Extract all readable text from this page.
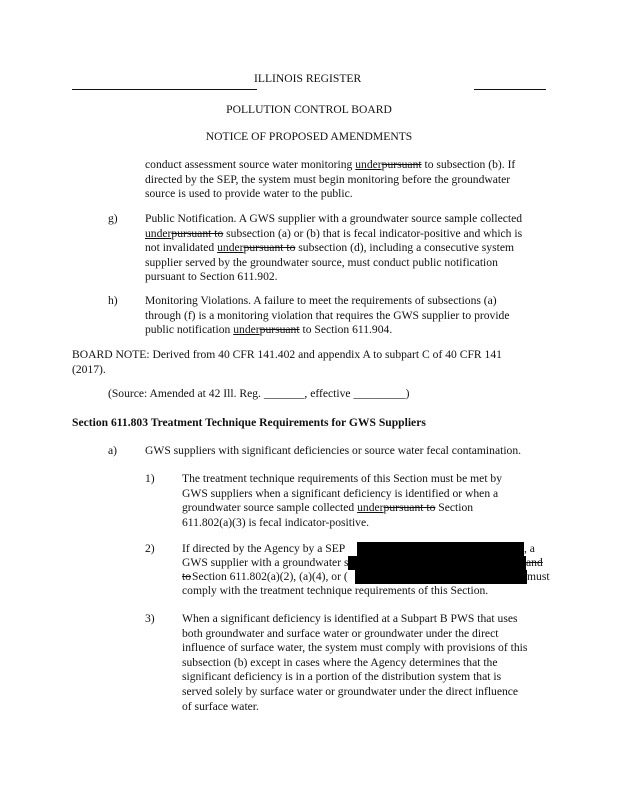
ILLINOIS REGISTER
POLLUTION CONTROL BOARD
NOTICE OF PROPOSED AMENDMENTS

conduct assessment source water monitoring underpursuant to subsection (b). If

directed by the SEP, the system must begin monitoring before the groundwater

source is used to provide water to the public.

g) Public Notification. A GWS supplier with a groundwater source sample collected

underpursuant to subsection (a) or (b) that is fecal indicator-positive and which is

not invalidated underpursuant to subsection (d), including a consecutive system

supplier served by the groundwater source, must conduct public notification

pursuant to Section 611.902.

h) Monitoring Violations. A failure to meet the requirements of subsections (a)

through (f) is a monitoring violation that requires the GWS supplier to provide

public notification underpursuant to Section 611.904.

BOARD NOTE: Derived from 40 CFR 141.402 and appendix A to subpart C of 40 CFR 141

(2017).

(Source: Amended at 42 Ill. Reg. _______, effective _________)
Section 611.803 Treatment Technique Requirements for GWS Suppliers
a) GWS suppliers with significant deficiencies or source water fecal contamination.
1) The treatment technique requirements of this Section must be met by

GWS suppliers when a significant deficiency is identified or when a

groundwater source sample collected underpursuant to Section

611.802(a)(3) is fecal indicator-positive.

2) If directed by the Agency by a SEP	, a
GWS supplier with a groundwater s	and
to Section 611.802(a)(2), (a)(4), or (	must
comply with the treatment technique requirements of this Section.
3) When a significant deficiency is identified at a Subpart B PWS that uses

both groundwater and surface water or groundwater under the direct

influence of surface water, the system must comply with provisions of this

subsection (b) except in cases where the Agency determines that the

significant deficiency is in a portion of the distribution system that is

served solely by surface water or groundwater under the direct influence

of surface water.
